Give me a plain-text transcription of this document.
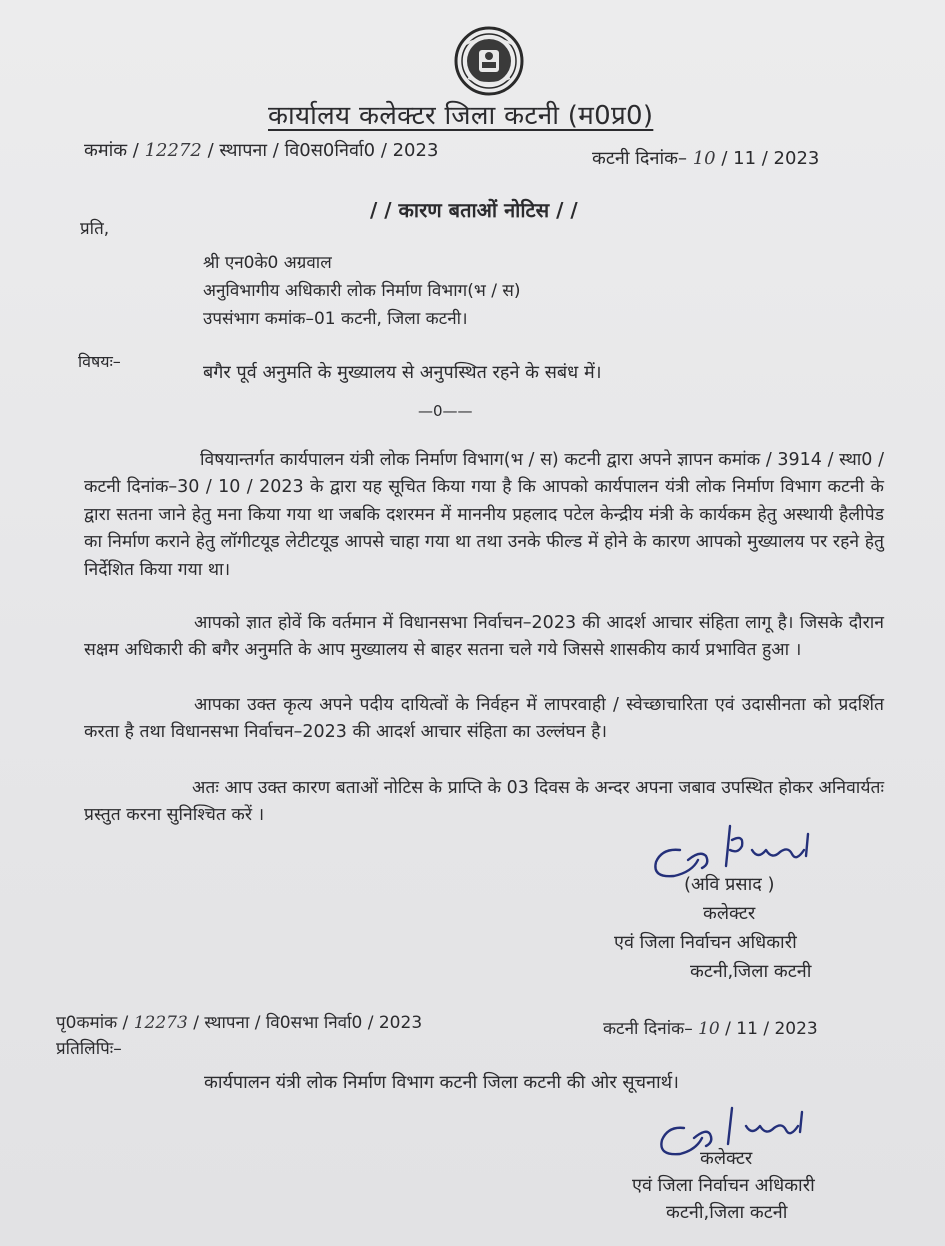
कार्यालय कलेक्टर जिला कटनी (म0प्र0)
कमांक / 12272 / स्थापना / वि0स0निर्वा0 / 2023	कटनी दिनांक– 10 / 11 / 2023
/ / कारण बताओं नोटिस / /
प्रति,
श्री एन0के0 अग्रवाल
अनुविभागीय अधिकारी लोक निर्माण विभाग(भ / स)
उपसंभाग कमांक–01 कटनी, जिला कटनी।
विषयः–
बगैर पूर्व अनुमति के मुख्यालय से अनुपस्थित रहने के सबंध में।
—0——

विषयान्तर्गत कार्यपालन यंत्री लोक निर्माण विभाग(भ / स) कटनी द्वारा अपने ज्ञापन कमांक / 3914 / स्था0 / कटनी दिनांक–30 / 10 / 2023 के द्वारा यह सूचित किया गया है कि आपको कार्यपालन यंत्री लोक निर्माण विभाग कटनी के द्वारा सतना जाने हेतु मना किया गया था जबकि दशरमन में माननीय प्रहलाद पटेल केन्द्रीय मंत्री के कार्यकम हेतु अस्थायी हैलीपेड का निर्माण कराने हेतु लॉगीटयूड लेटीटयूड आपसे चाहा गया था तथा उनके फील्ड में होने के कारण आपको मुख्यालय पर रहने हेतु निर्देशित किया गया था।

आपको ज्ञात होवें कि वर्तमान में विधानसभा निर्वाचन–2023 की आदर्श आचार संहिता लागू है। जिसके दौरान सक्षम अधिकारी की बगैर अनुमति के आप मुख्यालय से बाहर सतना चले गये जिससे शासकीय कार्य प्रभावित हुआ ।

आपका उक्त कृत्य अपने पदीय दायित्वों के निर्वहन में लापरवाही / स्वेच्छाचारिता एवं उदासीनता को प्रदर्शित करता है तथा विधानसभा निर्वाचन–2023 की आदर्श आचार संहिता का उल्लंघन है।

अतः आप उक्त कारण बताओं नोटिस के प्राप्ति के 03 दिवस के अन्दर अपना जबाव उपस्थित होकर अनिवार्यतः प्रस्तुत करना सुनिश्चित करें ।

(अवि प्रसाद )
कलेक्टर
एवं जिला निर्वाचन अधिकारी
कटनी,जिला कटनी
पृ0कमांक / 12273 / स्थापना / वि0सभा निर्वा0 / 2023	कटनी दिनांक– 10 / 11 / 2023
प्रतिलिपिः–
कार्यपालन यंत्री लोक निर्माण विभाग कटनी जिला कटनी की ओर सूचनार्थ।
कलेक्टर
एवं जिला निर्वाचन अधिकारी
कटनी,जिला कटनी
